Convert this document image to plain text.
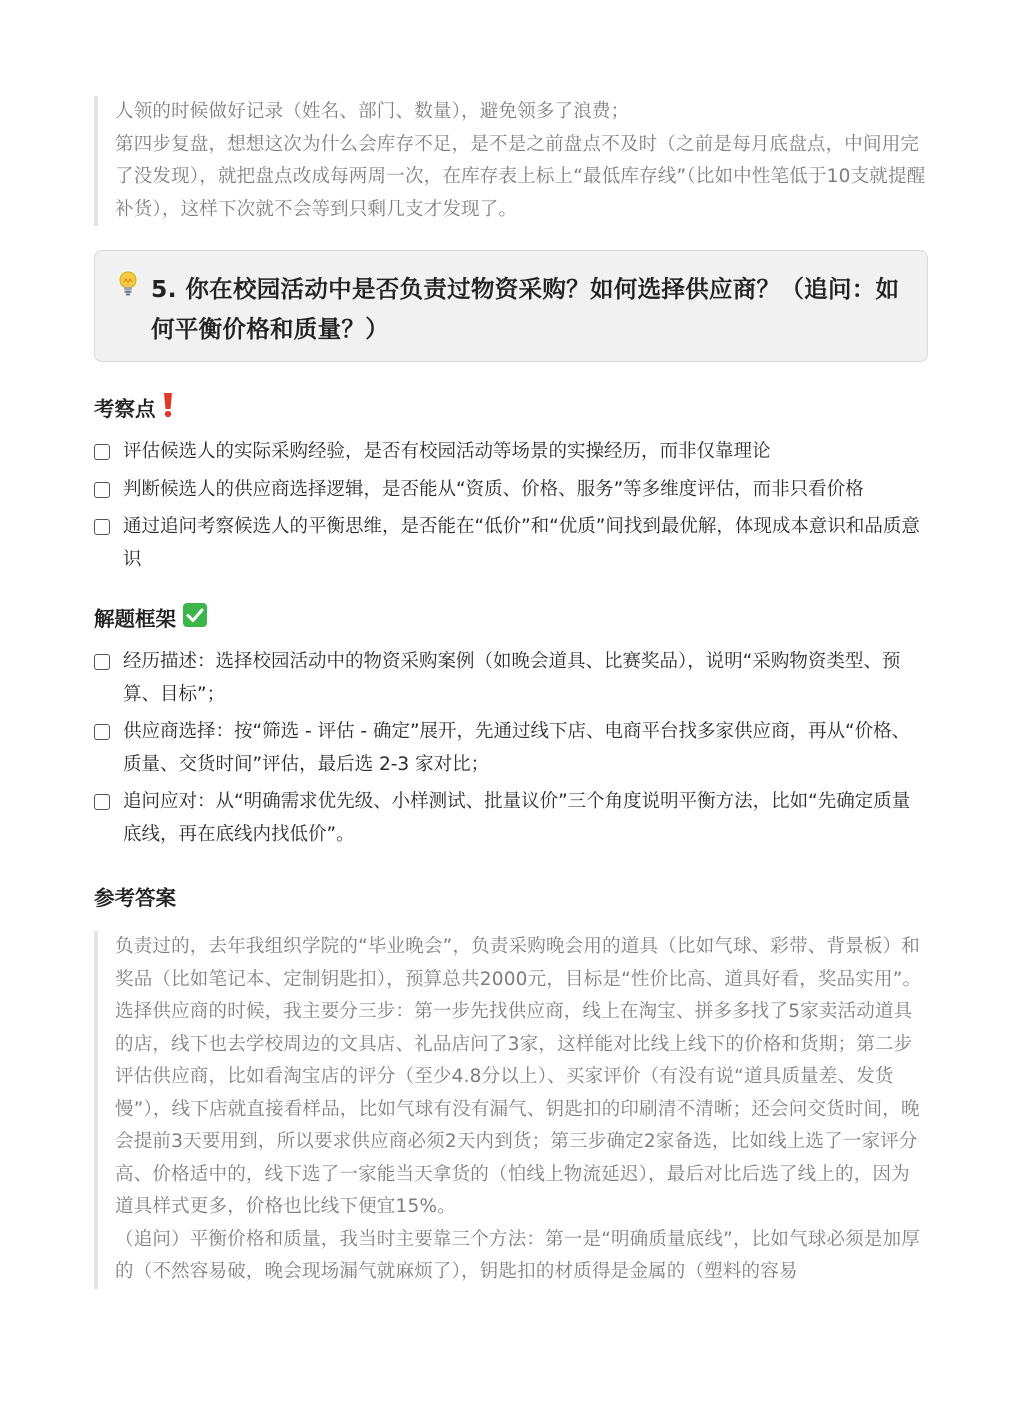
人领的时候做好记录（姓名、部门、数量），避免领多了浪费；

第四步复盘，想想这次为什么会库存不足，是不是之前盘点不及时（之前是每月底盘点，中间用完了没发现），就把盘点改成每两周一次，在库存表上标上“最低库存线”（比如中性笔低于10支就提醒补货），这样下次就不会等到只剩几支才发现了。

5. 你在校园活动中是否负责过物资采购？如何选择供应商？（追问：如何平衡价格和质量？）
考察点
评估候选人的实际采购经验，是否有校园活动等场景的实操经历，而非仅靠理论
判断候选人的供应商选择逻辑，是否能从“资质、价格、服务”等多维度评估，而非只看价格
通过追问考察候选人的平衡思维，是否能在“低价”和“优质”间找到最优解，体现成本意识和品质意识
解题框架
经历描述：选择校园活动中的物资采购案例（如晚会道具、比赛奖品），说明“采购物资类型、预算、目标”；
供应商选择：按“筛选 - 评估 - 确定”展开，先通过线下店、电商平台找多家供应商，再从“价格、质量、交货时间”评估，最后选 2-3 家对比；
追问应对：从“明确需求优先级、小样测试、批量议价”三个角度说明平衡方法，比如“先确定质量底线，再在底线内找低价”。
参考答案

负责过的，去年我组织学院的“毕业晚会”，负责采购晚会用的道具（比如气球、彩带、背景板）和奖品（比如笔记本、定制钥匙扣），预算总共2000元，目标是“性价比高、道具好看，奖品实用”。

选择供应商的时候，我主要分三步：第一步先找供应商，线上在淘宝、拼多多找了5家卖活动道具的店，线下也去学校周边的文具店、礼品店问了3家，这样能对比线上线下的价格和货期；第二步评估供应商，比如看淘宝店的评分（至少4.8分以上）、买家评价（有没有说“道具质量差、发货慢”），线下店就直接看样品，比如气球有没有漏气、钥匙扣的印刷清不清晰；还会问交货时间，晚会提前3天要用到，所以要求供应商必须2天内到货；第三步确定2家备选，比如线上选了一家评分高、价格适中的，线下选了一家能当天拿货的（怕线上物流延迟），最后对比后选了线上的，因为道具样式更多，价格也比线下便宜15%。

（追问）平衡价格和质量，我当时主要靠三个方法：第一是“明确质量底线”，比如气球必须是加厚的（不然容易破，晚会现场漏气就麻烦了），钥匙扣的材质得是金属的（塑料的容易
